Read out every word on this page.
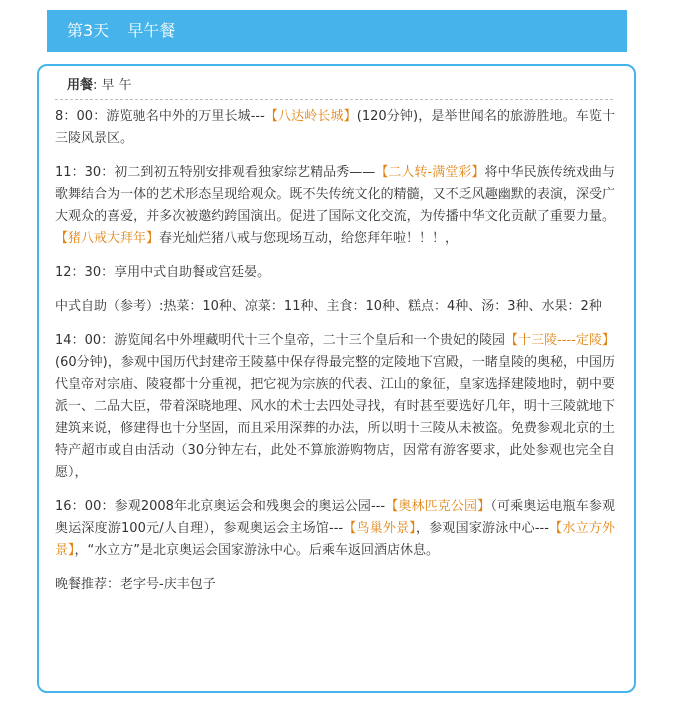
第3天 早午餐
用餐: 早 午

8：00：游览驰名中外的万里长城---【八达岭长城】(120分钟)，是举世闻名的旅游胜地。车览十三陵风景区。

11：30：初二到初五特别安排观看独家综艺精品秀——【二人转-满堂彩】将中华民族传统戏曲与歌舞结合为一体的艺术形态呈现给观众。既不失传统文化的精髓，又不乏风趣幽默的表演，深受广大观众的喜爱，并多次被邀约跨国演出。促进了国际文化交流，为传播中华文化贡献了重要力量。【猪八戒大拜年】春光灿烂猪八戒与您现场互动，给您拜年啦！！！，

12：30：享用中式自助餐或宫廷晏。

中式自助（参考）:热菜：10种、凉菜：11种、主食：10种、糕点：4种、汤：3种、水果：2种

14：00：游览闻名中外埋藏明代十三个皇帝，二十三个皇后和一个贵妃的陵园【十三陵----定陵】(60分钟)，参观中国历代封建帝王陵墓中保存得最完整的定陵地下宫殿，一睹皇陵的奥秘，中国历代皇帝对宗庙、陵寝都十分重视，把它视为宗族的代表、江山的象征，皇家选择建陵地时，朝中要派一、二品大臣，带着深晓地理、风水的术士去四处寻找，有时甚至要选好几年，明十三陵就地下建筑来说，修建得也十分坚固，而且采用深葬的办法，所以明十三陵从未被盗。免费参观北京的土特产超市或自由活动（30分钟左右，此处不算旅游购物店，因常有游客要求，此处参观也完全自愿），

16：00：参观2008年北京奥运会和残奥会的奥运公园---【奥林匹克公园】（可乘奥运电瓶车参观奥运深度游100元/人自理），参观奥运会主场馆---【鸟巢外景】，参观国家游泳中心---【水立方外景】，“水立方”是北京奥运会国家游泳中心。后乘车返回酒店休息。

晚餐推荐：老字号-庆丰包子
